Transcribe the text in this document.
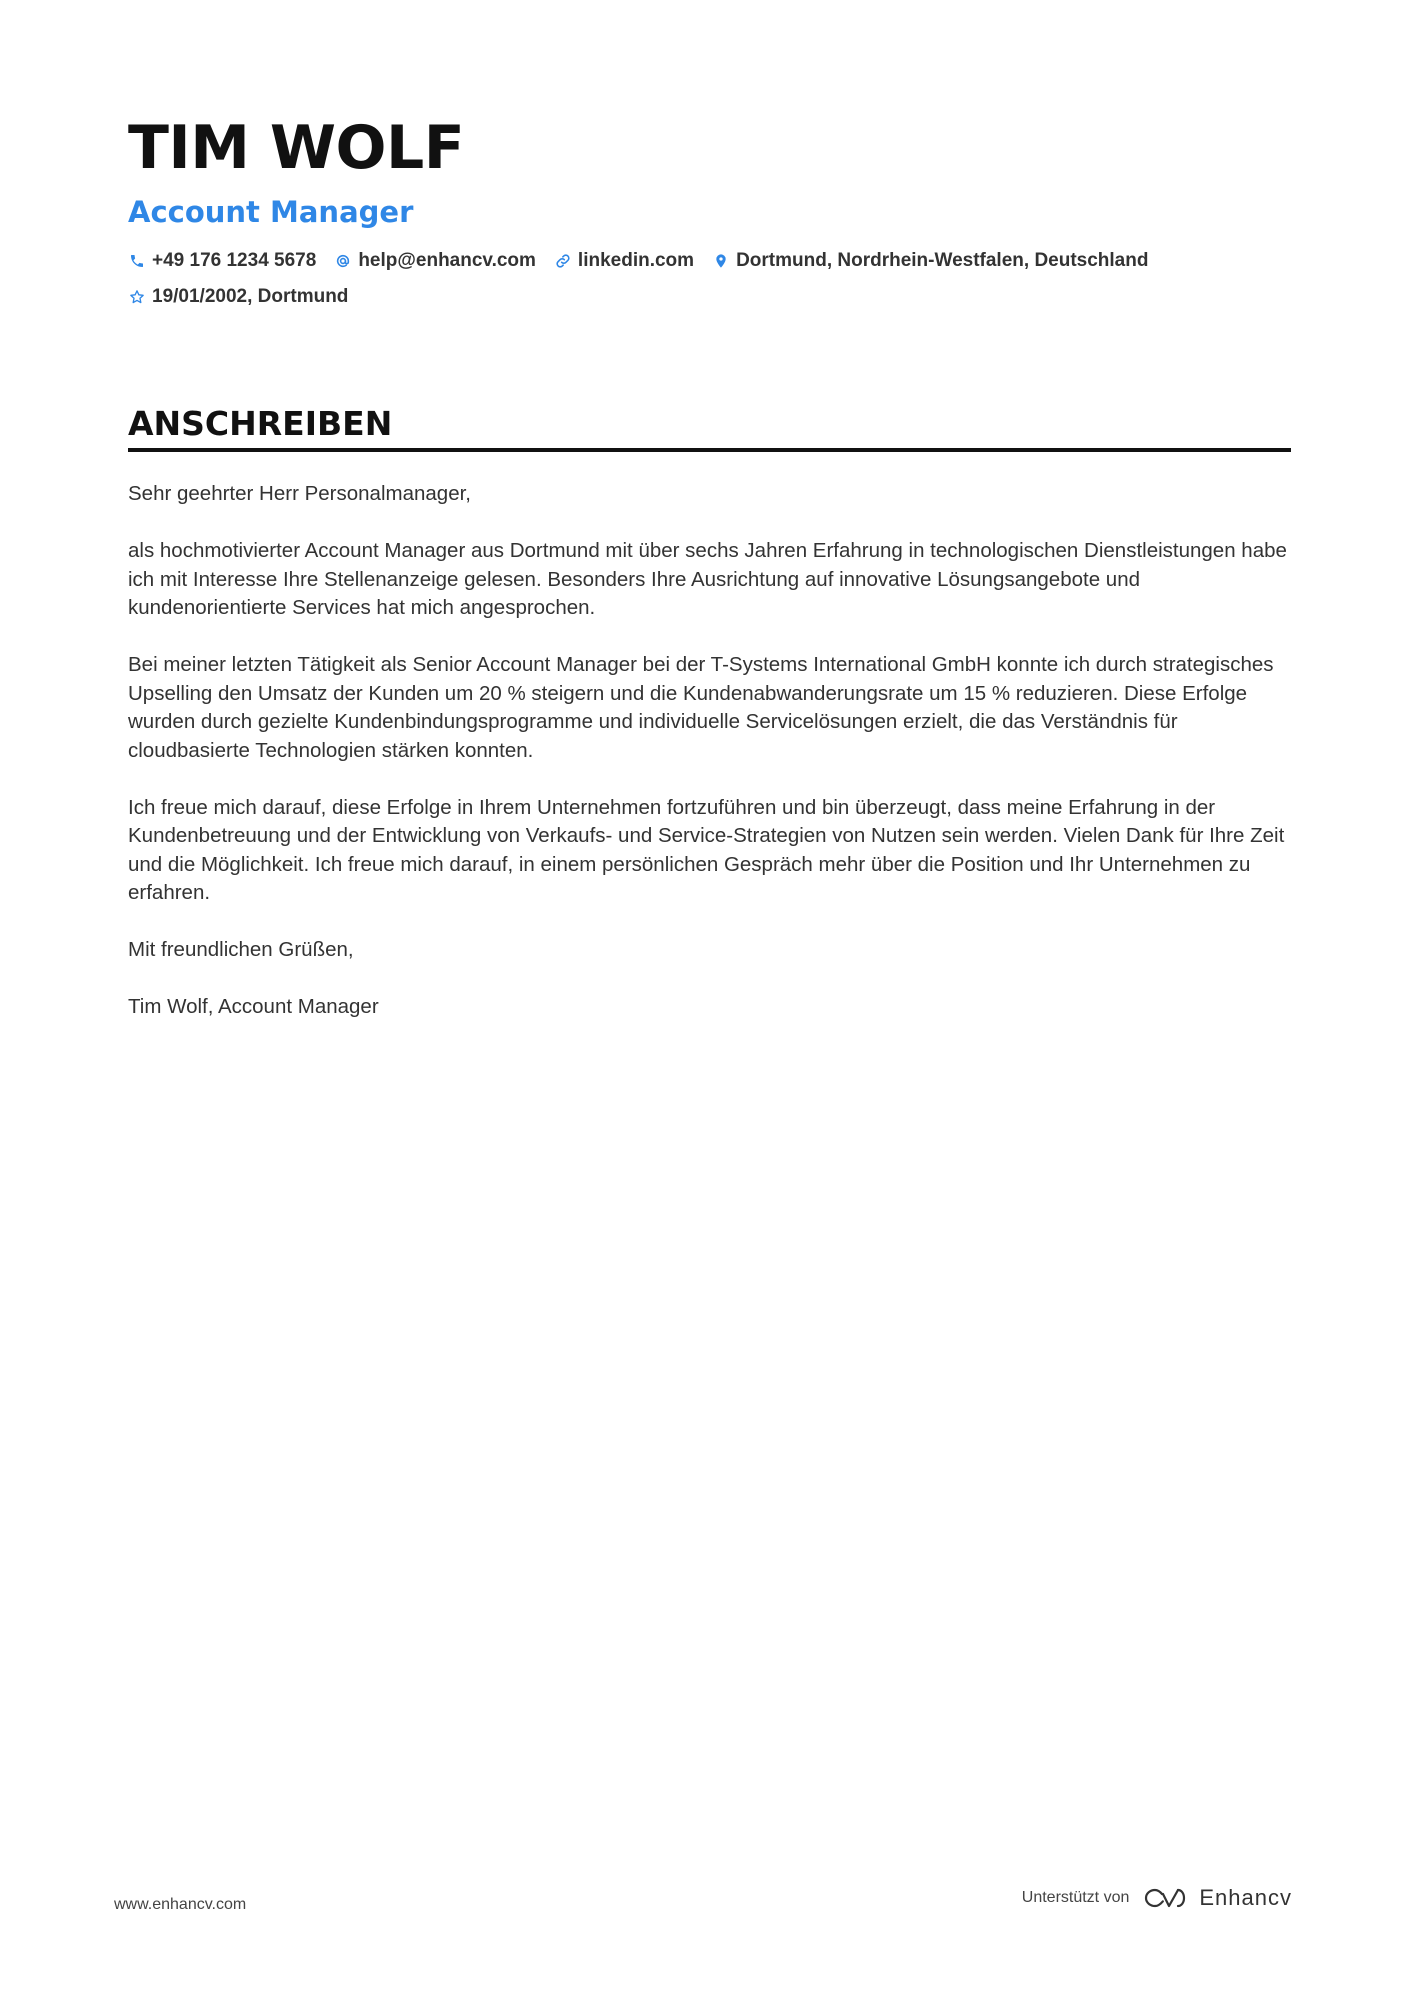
TIM WOLF
Account Manager
+49 176 1234 5678 help@enhancv.com linkedin.com Dortmund, Nordrhein-Westfalen, Deutschland
19/01/2002, Dortmund
ANSCHREIBEN

Sehr geehrter Herr Personalmanager,

als hochmotivierter Account Manager aus Dortmund mit über sechs Jahren Erfahrung in technologischen Dienstleistungen habe ich mit Interesse Ihre Stellenanzeige gelesen. Besonders Ihre Ausrichtung auf innovative Lösungsangebote und kundenorientierte Services hat mich angesprochen.

Bei meiner letzten Tätigkeit als Senior Account Manager bei der T-Systems International GmbH konnte ich durch strategisches Upselling den Umsatz der Kunden um 20 % steigern und die Kundenabwanderungsrate um 15 % reduzieren. Diese Erfolge wurden durch gezielte Kundenbindungsprogramme und individuelle Servicelösungen erzielt, die das Verständnis für cloudbasierte Technologien stärken konnten.

Ich freue mich darauf, diese Erfolge in Ihrem Unternehmen fortzuführen und bin überzeugt, dass meine Erfahrung in der Kundenbetreuung und der Entwicklung von Verkaufs- und Service-Strategien von Nutzen sein werden. Vielen Dank für Ihre Zeit und die Möglichkeit. Ich freue mich darauf, in einem persönlichen Gespräch mehr über die Position und Ihr Unternehmen zu erfahren.

Mit freundlichen Grüßen,

Tim Wolf, Account Manager

www.enhancv.com	Unterstützt von	Enhancv
